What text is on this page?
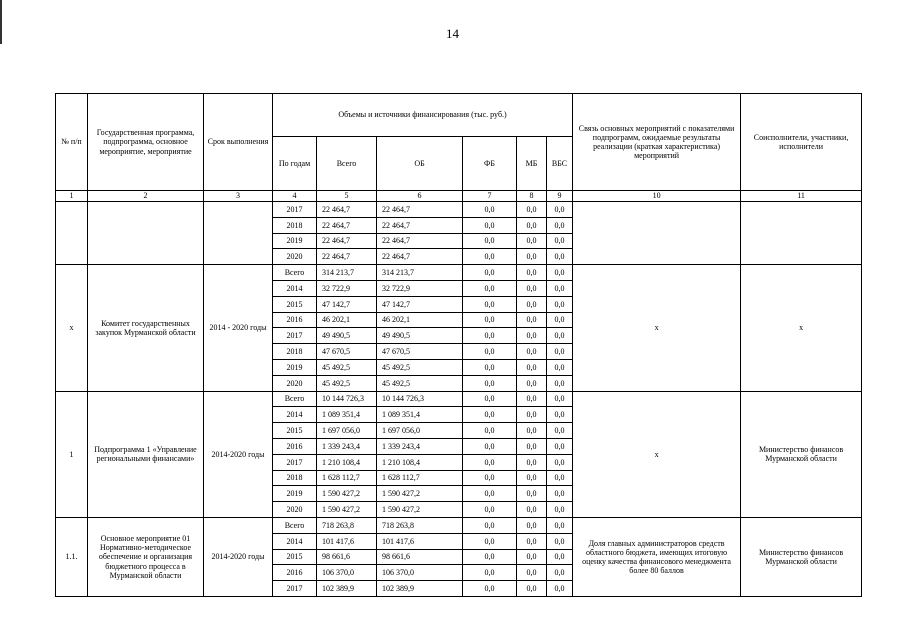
14
№ п/п	Государственная программа, подпрограмма, основное мероприятие, мероприятие	Срок выполнения	Объемы и источники финансирования (тыс. руб.)						Связь основных мероприятий с показателями подпрограмм, ожидаемые результаты реализации (краткая характеристика) мероприятий	Соисполнители, участники, исполнители
			По годам	Всего	ОБ	ФБ	МБ	ВБС		
1	2	3	4	5	6	7	8	9	10	11
			2017	22 464,7	22 464,7	0,0	0,0	0,0		
			2018	22 464,7	22 464,7	0,0	0,0	0,0		
			2019	22 464,7	22 464,7	0,0	0,0	0,0		
			2020	22 464,7	22 464,7	0,0	0,0	0,0		
х	Комитет государственных закупок Мурманской области	2014 - 2020 годы	Всего	314 213,7	314 213,7	0,0	0,0	0,0	х	х
			2014	32 722,9	32 722,9	0,0	0,0	0,0		
			2015	47 142,7	47 142,7	0,0	0,0	0,0		
			2016	46 202,1	46 202,1	0,0	0,0	0,0		
			2017	49 490,5	49 490,5	0,0	0,0	0,0		
			2018	47 670,5	47 670,5	0,0	0,0	0,0		
			2019	45 492,5	45 492,5	0,0	0,0	0,0		
			2020	45 492,5	45 492,5	0,0	0,0	0,0		
1	Подпрограмма 1 «Управление региональными финансами»	2014-2020 годы	Всего	10 144 726,3	10 144 726,3	0,0	0,0	0,0	х	Министерство финансов Мурманской области
			2014	1 089 351,4	1 089 351,4	0,0	0,0	0,0		
			2015	1 697 056,0	1 697 056,0	0,0	0,0	0,0		
			2016	1 339 243,4	1 339 243,4	0,0	0,0	0,0		
			2017	1 210 108,4	1 210 108,4	0,0	0,0	0,0		
			2018	1 628 112,7	1 628 112,7	0,0	0,0	0,0		
			2019	1 590 427,2	1 590 427,2	0,0	0,0	0,0		
			2020	1 590 427,2	1 590 427,2	0,0	0,0	0,0		
1.1.	Основное мероприятие 01 Нормативно-методическое обеспечение и организация бюджетного процесса в Мурманской области	2014-2020 годы	Всего	718 263,8	718 263,8	0,0	0,0	0,0	Доля главных администраторов средств областного бюджета, имеющих итоговую оценку качества финансового менеджмента более 80 баллов	Министерство финансов Мурманской области
			2014	101 417,6	101 417,6	0,0	0,0	0,0		
			2015	98 661,6	98 661,6	0,0	0,0	0,0		
			2016	106 370,0	106 370,0	0,0	0,0	0,0		
			2017	102 389,9	102 389,9	0,0	0,0	0,0		
